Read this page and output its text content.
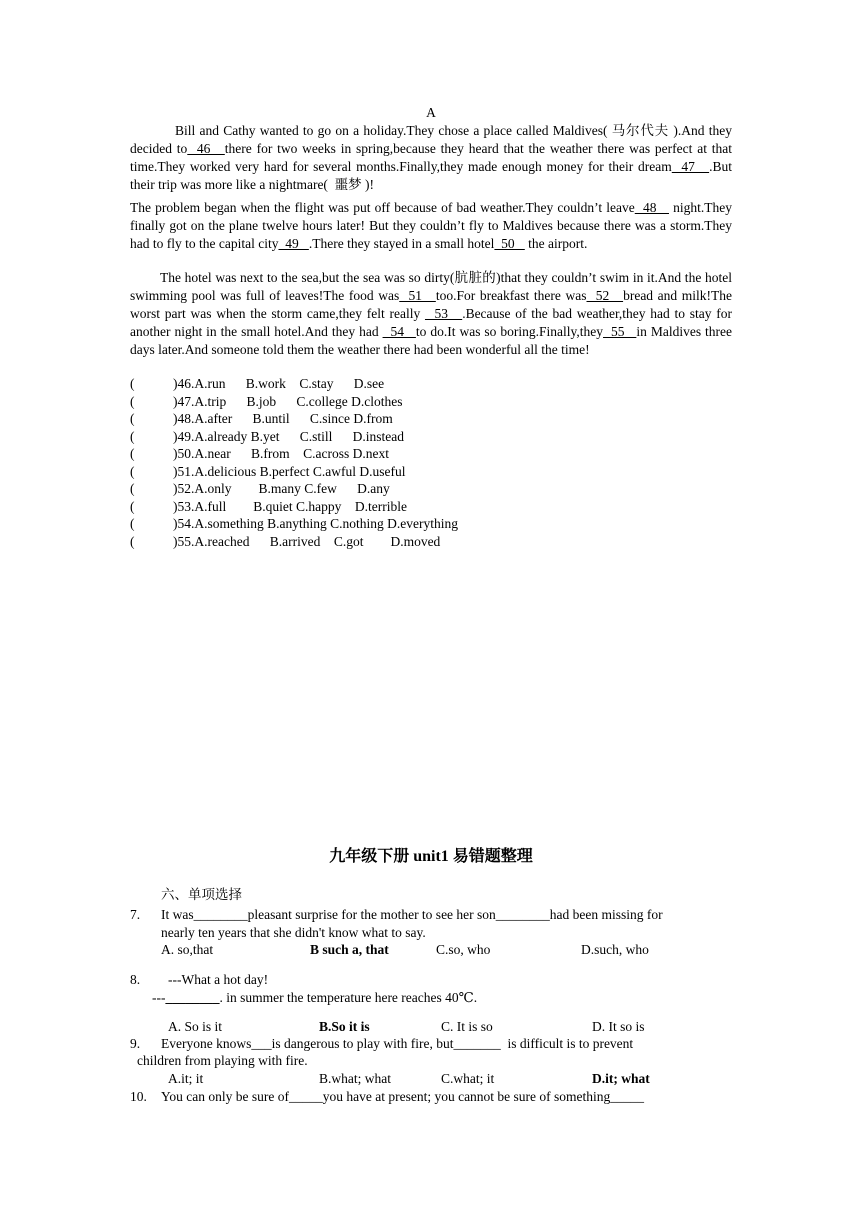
A
Bill and Cathy wanted to go on a holiday.They chose a place called Maldives( 马尔代夫 ).And they decided to  46   there for two weeks in spring,because they heard that the weather there was perfect at that time.They worked very hard for several months.Finally,they made enough money for their dream  47   .But their trip was more like a nightmare( ​​​​​​​ 噩梦 )!
The problem began when the flight was put off because of bad weather.They couldn’t leave  48    night.They finally got on the plane twelve hours later! But they couldn’t fly to Maldives because there was a storm.They had to fly to the capital city  49   .There they stayed in a small hotel  50    the airport.
The hotel was next to the sea,but the sea was so dirty(肮脏的)that they couldn’t swim in it.And the hotel swimming pool was full of leaves!The food was  51   too.For breakfast there was  52   bread and milk!The worst part was when the storm came,they felt really   53   .Because of the bad weather,they had to stay for another night in the small hotel.And they had   54   to do.It was so boring.Finally,they  55   in Maldives three days later.And someone told them the weather there had been wonderful all the time!
(	)46.A.run      B.work    C.stay      D.see
(	)47.A.trip      B.job      C.college D.clothes
(	)48.A.after      B.until      C.since D.from
(	)49.A.already B.yet      C.still      D.instead
(	)50.A.near      B.from    C.across D.next
(	)51.A.delicious B.perfect C.awful D.useful
(	)52.A.only        B.many C.few      D.any
(	)53.A.full        B.quiet C.happy    D.terrible
(	)54.A.something B.anything C.nothing D.everything
(	)55.A.reached      B.arrived    C.got        D.moved
九年级下册 unit1 易错题整理
六、单项选择
7. It was________pleasant surprise for the mother to see her son________had been missing for
nearly ten years that she didn't know what to say.
A. so,that	B such a, that	C.so, who	D.such, who
8. ---What a hot day!
---________. in summer the temperature here reaches 40℃.
A. So is it	B.So it is	C. It is so	D. It so is
9. Everyone knows___is dangerous to play with fire, but_______  is difficult is to prevent
children from playing with fire.
A.it; it	B.what; what	C.what; it	D.it; what
10. You can only be sure of_____you have at present; you cannot be sure of something_____
